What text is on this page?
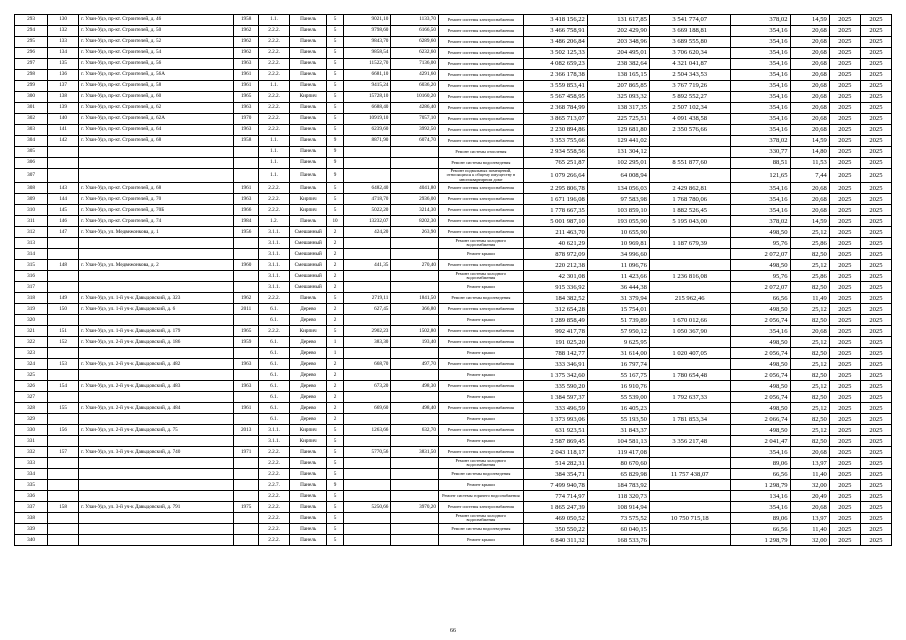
293	130	г. Улан-Удэ, пр-кт. Строителей, д. 46	1958	1.1.	Панель	5	9021,10	1133,70	Ремонт системы электроснабжения	3 418 156,22	131 617,85	3 541 774,07	378,02	14,59	2025	2025
294	132	г. Улан-Удэ, пр-кт. Строителей, д. 50	1962	2.2.2.	Панель	5	9798,60	6166,50	Ремонт системы электроснабжения	3 466 758,91	202 429,90	3 669 188,81	354,16	20,68	2025	2025
295	133	г. Улан-Удэ, пр-кт. Строителей, д. 52	1962	2.2.2.	Панель	5	9843,70	6289,60	Ремонт системы электроснабжения	3 486 206,84	203 348,96	3 689 555,80	354,16	20,68	2025	2025
296	134	г. Улан-Удэ, пр-кт. Строителей, д. 54	1962	2.2.2.	Панель	5	9858,54	6232,60	Ремонт системы электроснабжения	3 502 125,33	204 495,01	3 706 620,34	354,16	20,68	2025	2025
297	135	г. Улан-Удэ, пр-кт. Строителей, д. 56	1963	2.2.2.	Панель	5	11522,70	7136,00	Ремонт системы электроснабжения	4 082 659,23	238 382,64	4 321 041,87	354,16	20,68	2025	2025
298	136	г. Улан-Удэ, пр-кт. Строителей, д. 56А	1961	2.2.2.	Панель	5	6681,10	4291,60	Ремонт системы электроснабжения	2 366 178,38	138 165,15	2 504 343,53	354,16	20,68	2025	2025
299	137	г. Улан-Удэ, пр-кт. Строителей, д. 58	1961	1.1.	Панель	5	9415,24	6036,20	Ремонт системы электроснабжения	3 559 853,41	207 865,85	3 767 719,26	354,16	20,68	2025	2025
300	138	г. Улан-Удэ, пр-кт. Строителей, д. 60	1965	2.2.2.	Кирпич	5	15728,10	10160,20	Ремонт системы электроснабжения	5 567 458,95	325 093,32	5 892 552,27	354,16	20,68	2025	2025
301	139	г. Улан-Удэ, пр-кт. Строителей, д. 62	1963	2.2.2.	Панель	5	6688,40	4286,40	Ремонт системы электроснабжения	2 368 784,99	138 317,35	2 507 102,34	354,16	20,68	2025	2025
302	140	г. Улан-Удэ, пр-кт. Строителей, д. 62А	1970	2.2.2.	Панель	5	10919,10	7057,10	Ремонт системы электроснабжения	3 865 713,07	225 725,51	4 091 438,58	354,16	20,68	2025	2025
303	141	г. Улан-Удэ, пр-кт. Строителей, д. 64	1963	2.2.2.	Панель	5	6239,60	3992,50	Ремонт системы электроснабжения	2 230 894,86	129 681,80	2 350 576,66	354,16	20,68	2025	2025
304	142	г. Улан-Удэ, пр-кт. Строителей, д. 68	1958	1.1.	Панель	9	8871,90	6074,70	Ремонт системы электроснабжения	3 353 755,66	129 441,02		378,02	14,59	2025	2025
305				1.1.	Панель	9			Ремонт системы отопления	2 934 558,56	131 304,12		330,77	14,80	2025	2025
306				1.1.	Панель	9			Ремонт системы водоотведения	765 251,87	102 295,01	8 551 877,60	88,51	11,53	2025	2025
307				1.1.	Панель	9			Ремонт подвальных помещений, относящихся к общему имуществу в многоквартирном доме	1 079 266,64	64 008,94		121,65	7,44	2025	2025
308	143	г. Улан-Удэ, пр-кт. Строителей, д. 68	1961	2.2.2.	Панель	5	6482,40	4041,80	Ремонт системы электроснабжения	2 295 806,78	134 056,03	2 429 862,81	354,16	20,68	2025	2025
309	144	г. Улан-Удэ, пр-кт. Строителей, д. 70	1963	2.2.2.	Кирпич	5	4718,70	2936,00	Ремонт системы электроснабжения	1 671 196,08	97 583,98	1 768 780,06	354,16	20,68	2025	2025
310	145	г. Улан-Удэ, пр-кт. Строителей, д. 70Б	1966	2.2.2.	Кирпич	5	5022,20	3214,30	Ремонт системы электроснабжения	1 778 667,35	103 859,10	1 882 526,45	354,16	20,68	2025	2025
311	146	г. Улан-Удэ, пр-кт. Строителей, д. 74	1984	1.2.	Панель	10	13232,07	8202,30	Ремонт системы электроснабжения	5 001 987,10	193 055,90	5 195 043,00	378,02	14,59	2025	2025
312	147	г. Улан-Удэ, ул. Медвежонкова, д. 1	1956	3.1.1.	Смешанный	2	424,20	263,90	Ремонт системы электроснабжения	211 463,70	10 655,90		498,50	25,12	2025	2025
313				3.1.1.	Смешанный	2			Ремонт системы холодного водоснабжения	40 621,29	10 969,81	1 187 679,39	95,76	25,86	2025	2025
314				3.1.1.	Смешанный	2			Ремонт крыши	878 972,09	34 996,60		2 072,07	82,50	2025	2025
315	148	г. Улан-Удэ, ул. Медвежонкова, д. 2	1960	3.1.1.	Смешанный	2	441,35	270,40	Ремонт системы электроснабжения	220 212,38	11 096,76		498,50	25,12	2025	2025
316				3.1.1.	Смешанный	2			Ремонт системы холодного водоснабжения	42 301,08	11 423,66	1 236 816,08	95,76	25,86	2025	2025
317				3.1.1.	Смешанный	2			Ремонт крыши	915 336,92	36 444,38		2 072,07	82,50	2025	2025
318	149	г. Улан-Удэ, ул. 1-й уч-к Давыдовский, д. 323	1962	2.2.2.	Панель	5	2719,11	1841,50	Ремонт системы водоотведения	184 382,52	31 379,94	215 962,46	66,56	11,49	2025	2025
319	150	г. Улан-Удэ, ул. 1-й уч-к Давыдовский, д. 6	2011	6.1.	Дерево	2	627,45	366,80	Ремонт системы электроснабжения	312 654,28	15 754,01		498,50	25,12	2025	2025
320				6.1.	Дерево	2			Ремонт крыши	1 289 858,49	51 739,89	1 670 012,66	2 056,74	82,50	2025	2025
321	151	г. Улан-Удэ, ул. 1-й уч-к Давыдовский, д. 179	1965	2.2.2.	Кирпич	5	2902,23	1502,80	Ремонт системы электроснабжения	992 417,78	57 950,12	1 050 367,90	354,16	20,68	2025	2025
322	152	г. Улан-Удэ, ул. 2-й уч-к Давыдовский, д. 186	1959	6.1.	Дерево	1	383,30	193,40	Ремонт системы электроснабжения	191 025,20	9 625,95		498,50	25,12	2025	2025
323				6.1.	Дерево	1			Ремонт крыши	788 142,77	31 614,00	1 020 407,05	2 056,74	82,50	2025	2025
324	153	г. Улан-Удэ, ул. 2-й уч-к Давыдовский, д. 482	1963	6.1.	Дерево	2	668,70	497,70	Ремонт системы электроснабжения	333 346,91	16 797,74		498,50	25,12	2025	2025
325				6.1.	Дерево	2			Ремонт крыши	1 375 342,60	55 167,75	1 780 654,48	2 056,74	82,50	2025	2025
326	154	г. Улан-Удэ, ул. 2-й уч-к Давыдовский, д. 483	1963	6.1.	Дерево	2	673,20	498,30	Ремонт системы электроснабжения	335 590,20	16 910,76		498,50	25,12	2025	2025
327				6.1.	Дерево	2			Ремонт крыши	1 384 597,37	55 539,00	1 792 637,33	2 056,74	82,50	2025	2025
328	155	г. Улан-Удэ, ул. 2-й уч-к Давыдовский, д. 484	1961	6.1.	Дерево	2	669,60	498,40	Ремонт системы электроснабжения	333 496,59	16 405,23		498,50	25,12	2025	2025
329				6.1.	Дерево	2			Ремонт крыши	1 373 993,06	55 193,50	1 781 853,34	2 066,74	82,50	2025	2025
330	156	г. Улан-Удэ, ул. 2-й уч-к Давыдовский, д. 75	2013	3.1.1.	Кирпич	5	1263,66	632,70	Ремонт системы электроснабжения	631 923,51	31 843,37		498,50	25,12	2025	2025
331				3.1.1.	Кирпич	5			Ремонт крыши	2 587 869,45	104 581,13	3 356 217,48	2 041,47	82,50	2025	2025
332	157	г. Улан-Удэ, ул. 3-й уч-к Давыдовский, д. 740	1971	2.2.2.	Панель	5	5770,56	3831,50	Ремонт системы электроснабжения	2 043 118,17	119 417,08		354,16	20,68	2025	2025
333				2.2.2.	Панель	5			Ремонт системы холодного водоснабжения	514 282,31	80 670,60		89,06	13,97	2025	2025
334				2.2.2.	Панель	5			Ремонт системы водоотведения	384 354,71	65 829,98	11 757 438,07	66,56	11,40	2025	2025
335				2.2.7.	Панель	9			Ремонт крыши	7 499 940,78	184 783,92		1 298,79	32,00	2025	2025
336				2.2.2.	Панель	5			Ремонт системы горячего водоснабжения	774 714,97	118 320,73		134,16	20,49	2025	2025
337	158	г. Улан-Удэ, ул. 3-й уч-к Давыдовский, д. 791	1975	2.2.2.	Панель	5	5250,66	3970,20	Ремонт системы электроснабжения	1 865 247,39	108 914,94		354,16	20,68	2025	2025
338				2.2.2.	Панель	5			Ремонт системы холодного водоснабжения	469 050,52	73 575,52	10 750 715,18	89,06	13,97	2025	2025
339				2.2.2.	Панель	5			Ремонт системы водоотведения	350 550,22	60 040,15		66,56	11,40	2025	2025
340				2.2.2.	Панель	5			Ремонт крыши	6 840 311,32	168 533,76		1 298,79	32,00	2025	2025
66
